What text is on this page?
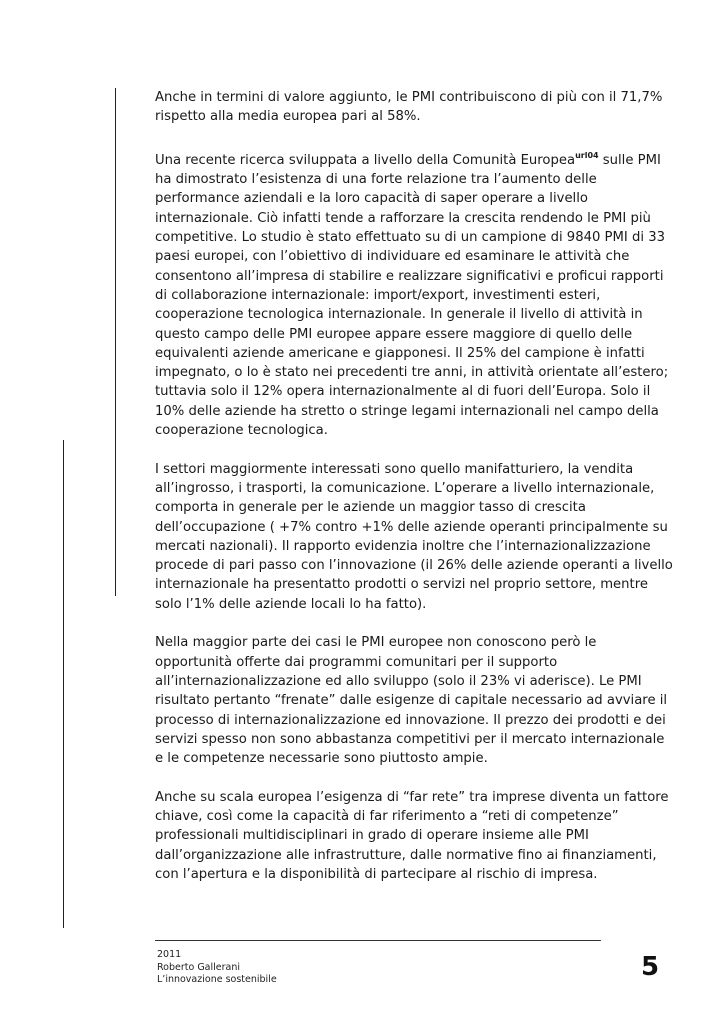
Anche in termini di valore aggiunto, le PMI contribuiscono di più con il 71,7% rispetto alla media europea pari al 58%.

Una recente ricerca sviluppata a livello della Comunità Europea$^{url04}$ sulle PMI ha dimostrato l’esistenza di una forte relazione tra l’aumento delle performance aziendali e la loro capacità di saper operare a livello internazionale. Ciò infatti tende a rafforzare la crescita rendendo le PMI più competitive. Lo studio è stato effettuato su di un campione di 9840 PMI di 33 paesi europei, con l’obiettivo di individuare ed esaminare le attività che consentono all’impresa di stabilire e realizzare significativi e proficui rapporti di collaborazione internazionale: import/export, investimenti esteri, cooperazione tecnologica internazionale. In generale il livello di attività in questo campo delle PMI europee appare essere maggiore di quello delle equivalenti aziende americane e giapponesi. Il 25% del campione è infatti impegnato, o lo è stato nei precedenti tre anni, in attività orientate all’estero; tuttavia solo il 12% opera internazionalmente al di fuori dell’Europa. Solo il 10% delle aziende ha stretto o stringe legami internazionali nel campo della cooperazione tecnologica.

I settori maggiormente interessati sono quello manifatturiero, la vendita all’ingrosso, i trasporti, la comunicazione. L’operare a livello internazionale, comporta in generale per le aziende un maggior tasso di crescita dell’occupazione ( +7% contro +1% delle aziende operanti principalmente su mercati nazionali). Il rapporto evidenzia inoltre che l’internazionalizzazione procede di pari passo con l’innovazione (il 26% delle aziende operanti a livello internazionale ha presentatto prodotti o servizi nel proprio settore, mentre solo l’1% delle aziende locali lo ha fatto).

Nella maggior parte dei casi le PMI europee non conoscono però le opportunità offerte dai programmi comunitari per il supporto all’internazionalizzazione ed allo sviluppo (solo il 23% vi aderisce). Le PMI risultato pertanto “frenate” dalle esigenze di capitale necessario ad avviare il processo di internazionalizzazione ed innovazione. Il prezzo dei prodotti e dei servizi spesso non sono abbastanza competitivi per il mercato internazionale e le competenze necessarie sono piuttosto ampie.

Anche su scala europea l’esigenza di “far rete” tra imprese diventa un fattore chiave, così come la capacità di far riferimento a “reti di competenze” professionali multidisciplinari in grado di operare insieme alle PMI dall’organizzazione alle infrastrutture, dalle normative fino ai finanziamenti, con l’apertura e la disponibilità di partecipare al rischio di impresa.

2011
Roberto Gallerani
L’innovazione sostenibile	5
